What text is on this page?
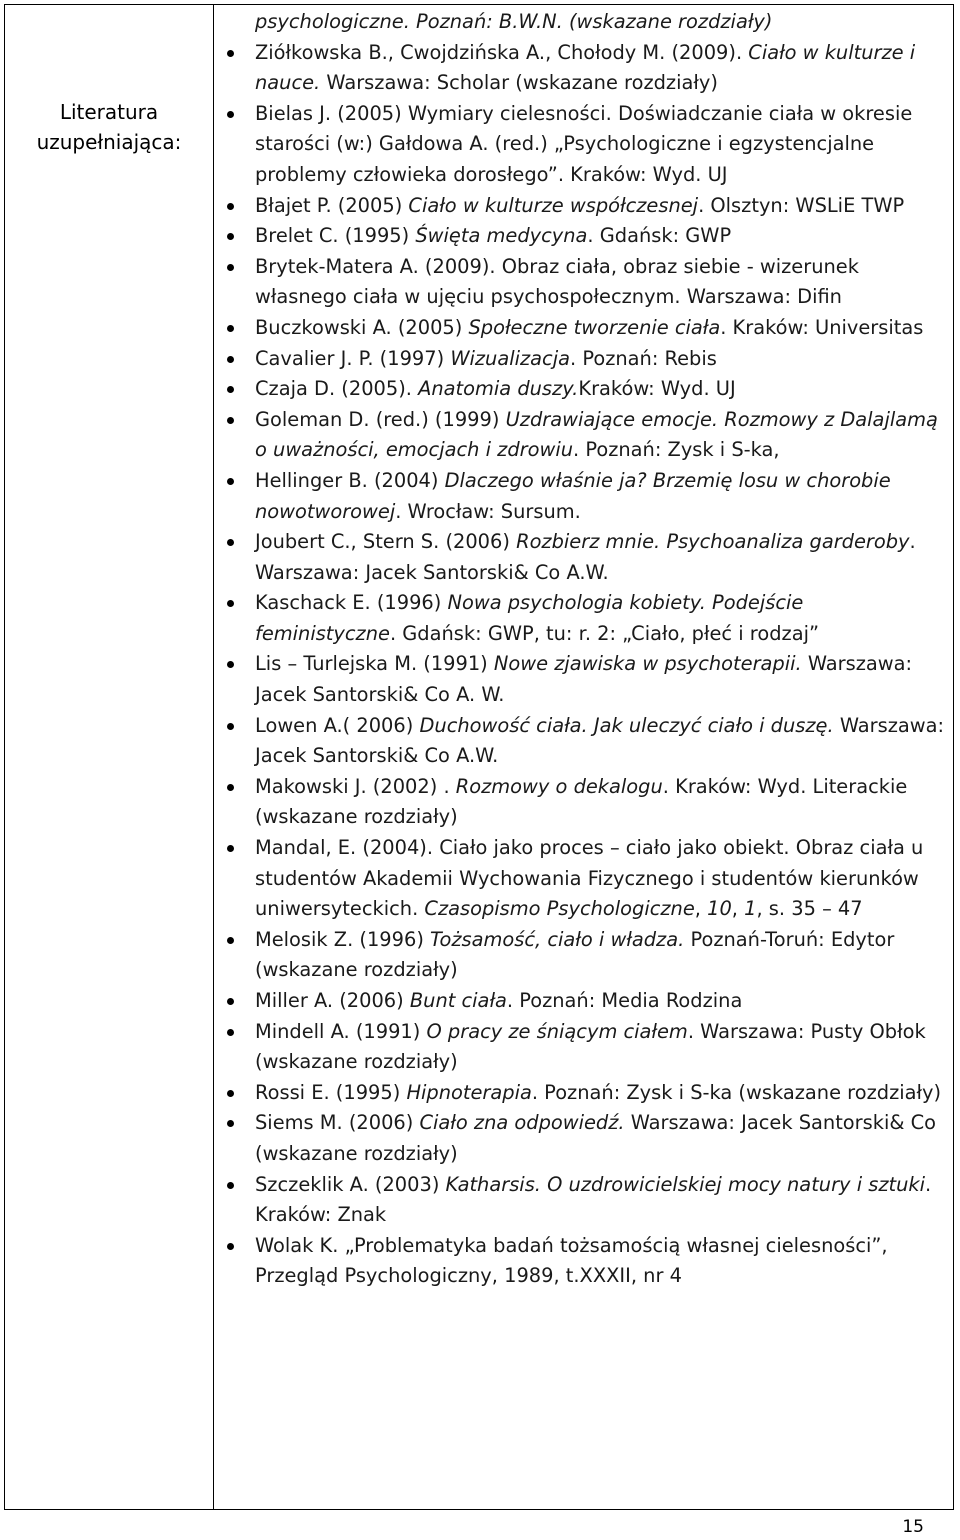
Literatura
uzupełniająca:
psychologiczne. Poznań: B.W.N. (wskazane rozdziały)
Ziółkowska B., Cwojdzińska A., Chołody M. (2009). Ciało w kulturze i nauce. Warszawa: Scholar (wskazane rozdziały)
Bielas J. (2005) Wymiary cielesności. Doświadczanie ciała w okresie starości (w:) Gałdowa A. (red.) „Psychologiczne i egzystencjalne problemy człowieka dorosłego”. Kraków: Wyd. UJ
Błajet P. (2005) Ciało w kulturze współczesnej. Olsztyn: WSLiE TWP
Brelet C. (1995) Święta medycyna. Gdańsk: GWP
Brytek-Matera A. (2009). Obraz ciała, obraz siebie - wizerunek własnego ciała w ujęciu psychospołecznym. Warszawa: Difin
Buczkowski A. (2005) Społeczne tworzenie ciała. Kraków: Universitas
Cavalier J. P. (1997) Wizualizacja. Poznań: Rebis
Czaja D. (2005). Anatomia duszy.Kraków: Wyd. UJ
Goleman D. (red.) (1999) Uzdrawiające emocje. Rozmowy z Dalajlamą o uważności, emocjach i zdrowiu. Poznań: Zysk i S-ka,
Hellinger B. (2004) Dlaczego właśnie ja? Brzemię losu w chorobie nowotworowej. Wrocław: Sursum.
Joubert C., Stern S. (2006) Rozbierz mnie. Psychoanaliza garderoby. Warszawa: Jacek Santorski& Co A.W.
Kaschack E. (1996) Nowa psychologia kobiety. Podejście feministyczne. Gdańsk: GWP, tu: r. 2: „Ciało, płeć i rodzaj”
Lis – Turlejska M. (1991) Nowe zjawiska w psychoterapii. Warszawa: Jacek Santorski& Co A. W.
Lowen A.( 2006) Duchowość ciała. Jak uleczyć ciało i duszę. Warszawa: Jacek Santorski& Co A.W.
Makowski J. (2002) . Rozmowy o dekalogu. Kraków: Wyd. Literackie (wskazane rozdziały)
Mandal, E. (2004). Ciało jako proces – ciało jako obiekt. Obraz ciała u studentów Akademii Wychowania Fizycznego i studentów kierunków uniwersyteckich. Czasopismo Psychologiczne, 10, 1, s. 35 – 47
Melosik Z. (1996) Tożsamość, ciało i władza. Poznań-Toruń: Edytor (wskazane rozdziały)
Miller A. (2006) Bunt ciała. Poznań: Media Rodzina
Mindell A. (1991) O pracy ze śniącym ciałem. Warszawa: Pusty Obłok (wskazane rozdziały)
Rossi E. (1995) Hipnoterapia. Poznań: Zysk i S-ka (wskazane rozdziały)
Siems M. (2006) Ciało zna odpowiedź. Warszawa: Jacek Santorski& Co (wskazane rozdziały)
Szczeklik A. (2003) Katharsis. O uzdrowicielskiej mocy natury i sztuki. Kraków: Znak
Wolak K. „Problematyka badań tożsamością własnej cielesności”, Przegląd Psychologiczny, 1989, t.XXXII, nr 4
15
